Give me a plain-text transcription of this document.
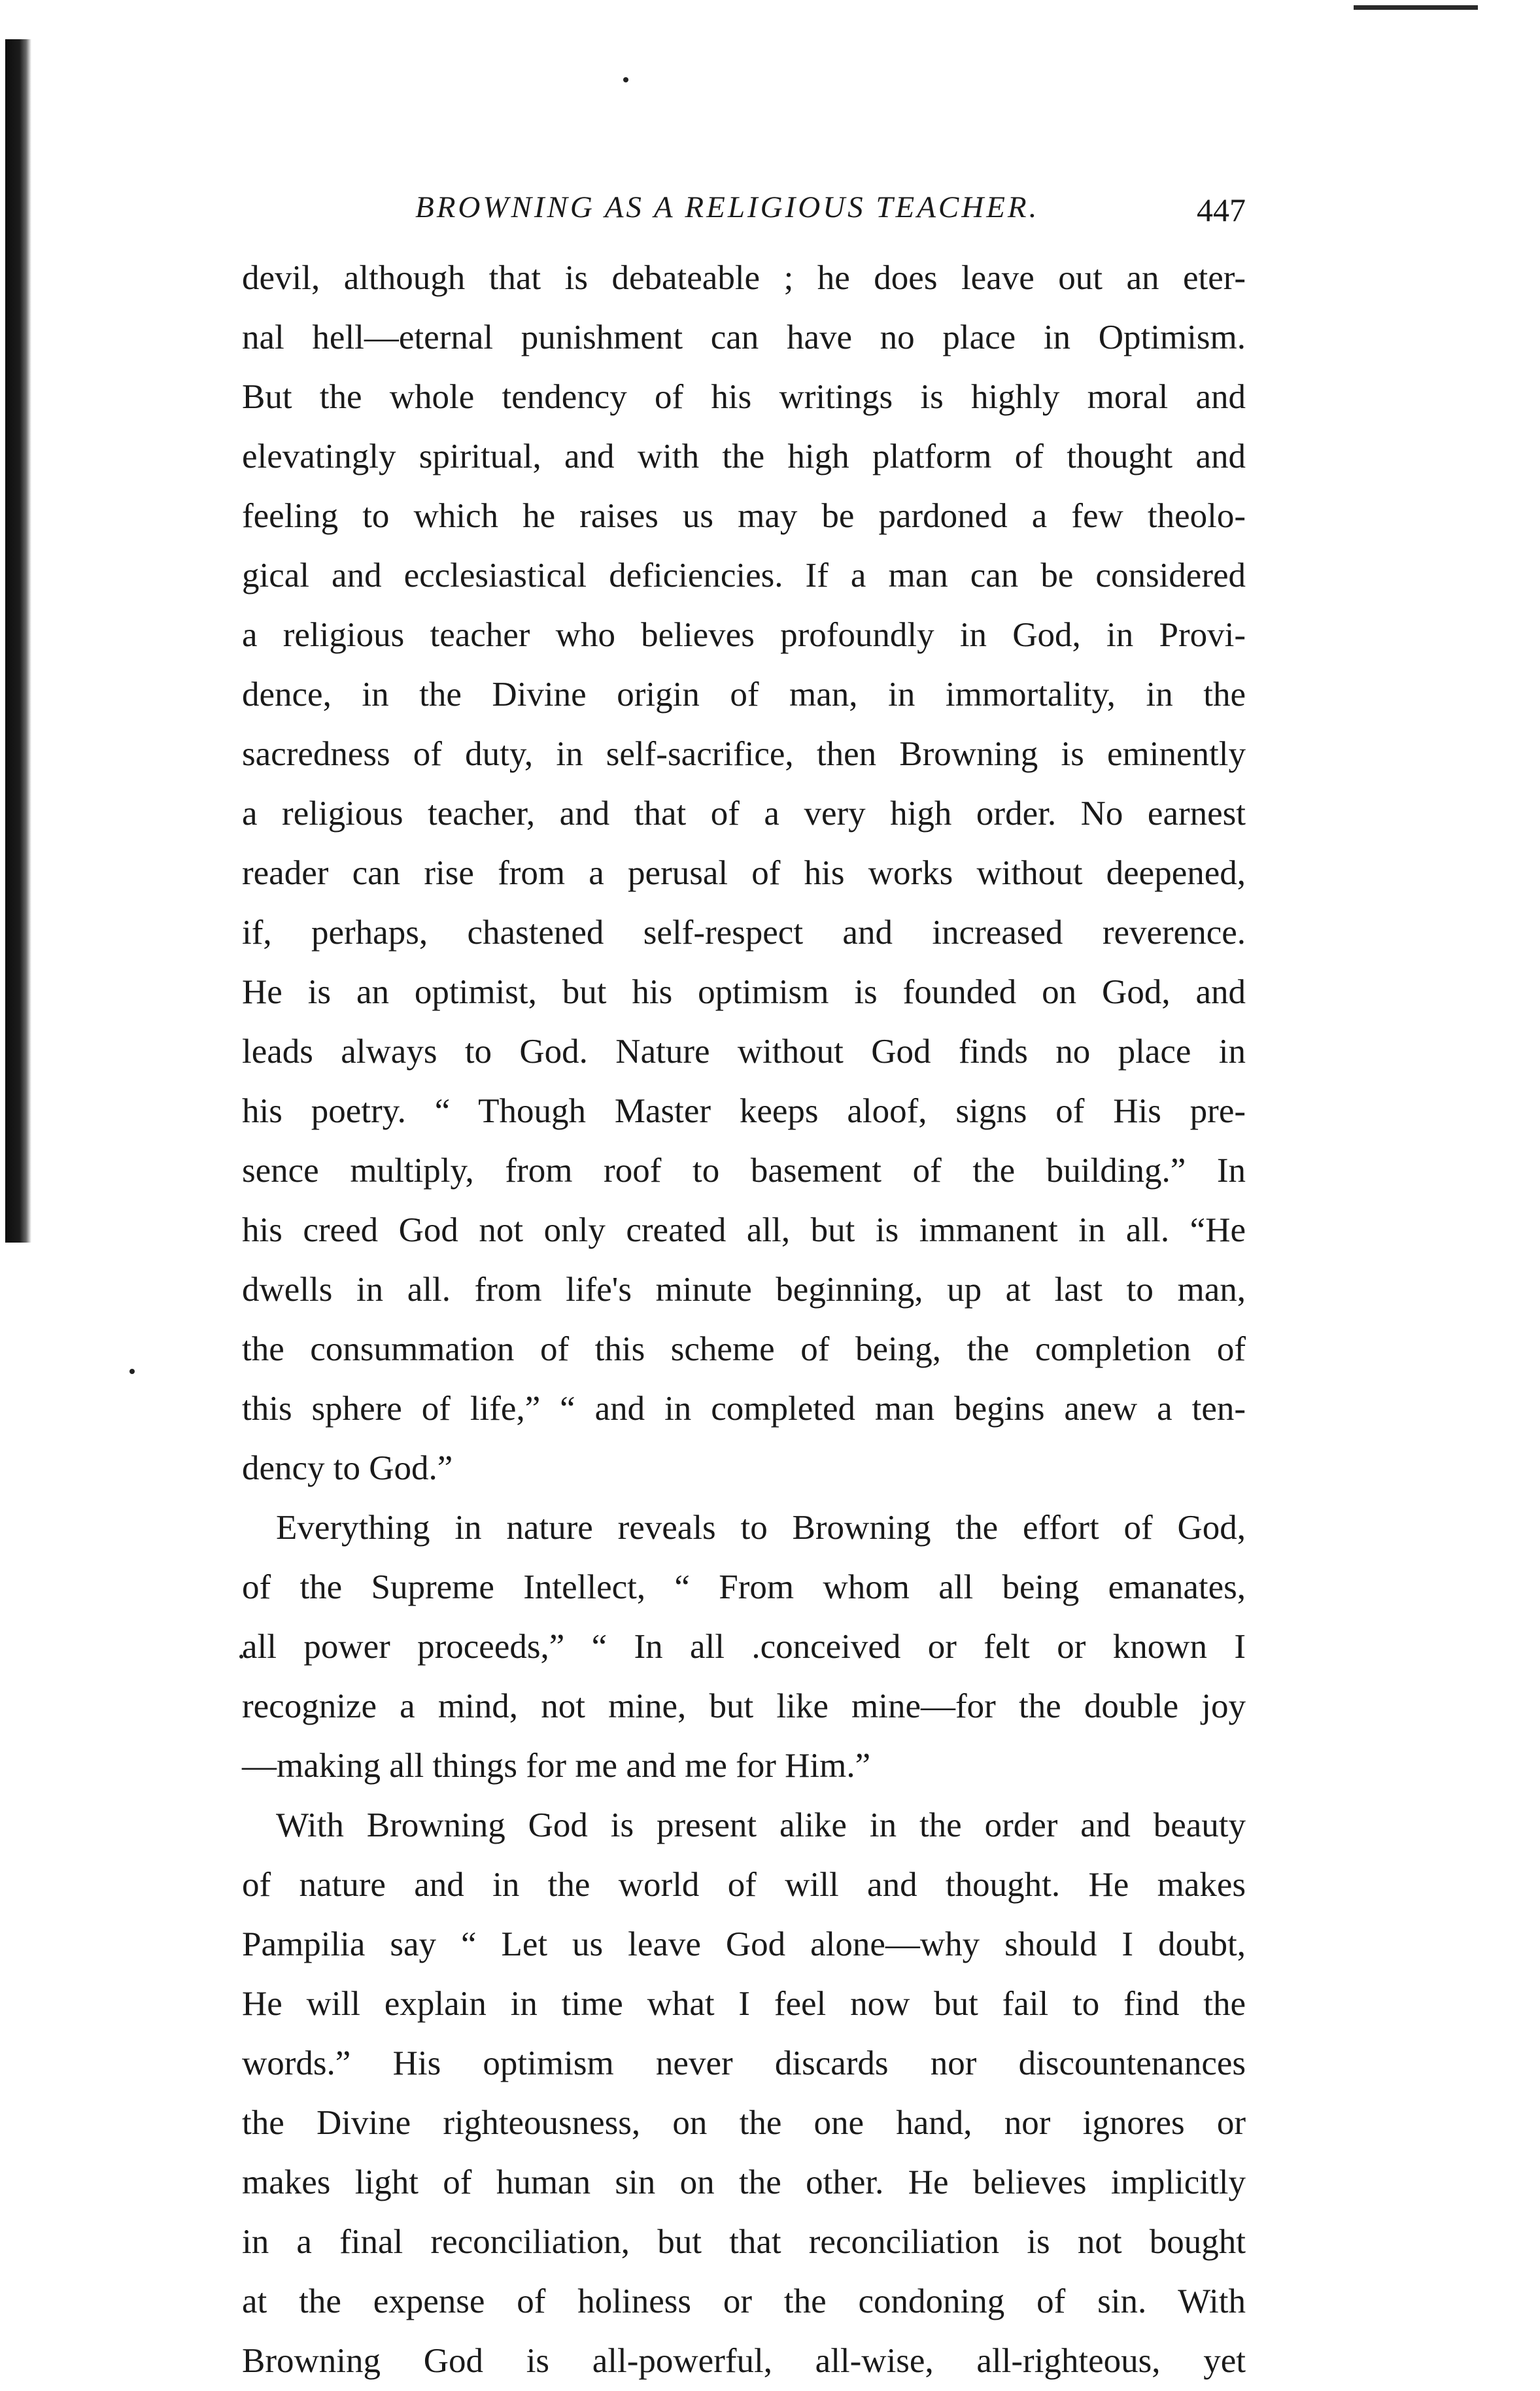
BROWNING AS A RELIGIOUS TEACHER.	447
devil, although that is debateable ; he does leave out an eter-
nal hell—eternal punishment can have no place in Optimism.
But the whole tendency of his writings is highly moral and
elevatingly spiritual, and with the high platform of thought and
feeling to which he raises us may be pardoned a few theolo-
gical and ecclesiastical deficiencies. If a man can be considered
a religious teacher who believes profoundly in God, in Provi-
dence, in the Divine origin of man, in immortality, in the
sacredness of duty, in self-sacrifice, then Browning is eminently
a religious teacher, and that of a very high order. No earnest
reader can rise from a perusal of his works without deepened,
if, perhaps, chastened self-respect and increased reverence.
He is an optimist, but his optimism is founded on God, and
leads always to God. Nature without God finds no place in
his poetry. “ Though Master keeps aloof, signs of His pre-
sence multiply, from roof to basement of the building.” In
his creed God not only created all, but is immanent in all. “He
dwells in all. from life's minute beginning, up at last to man,
the consummation of this scheme of being, the completion of
this sphere of life,” “ and in completed man begins anew a ten-
dency to God.”
Everything in nature reveals to Browning the effort of God,
of the Supreme Intellect, “ From whom all being emanates,
all power proceeds,” “ In all .conceived or felt or known I
recognize a mind, not mine, but like mine—for the double joy
—making all things for me and me for Him.”
With Browning God is present alike in the order and beauty
of nature and in the world of will and thought. He makes
Pampilia say “ Let us leave God alone—why should I doubt,
He will explain in time what I feel now but fail to find the
words.” His optimism never discards nor discountenances
the Divine righteousness, on the one hand, nor ignores or
makes light of human sin on the other. He believes implicitly
in a final reconciliation, but that reconciliation is not bought
at the expense of holiness or the condoning of sin. With
Browning God is all-powerful, all-wise, all-righteous, yet
